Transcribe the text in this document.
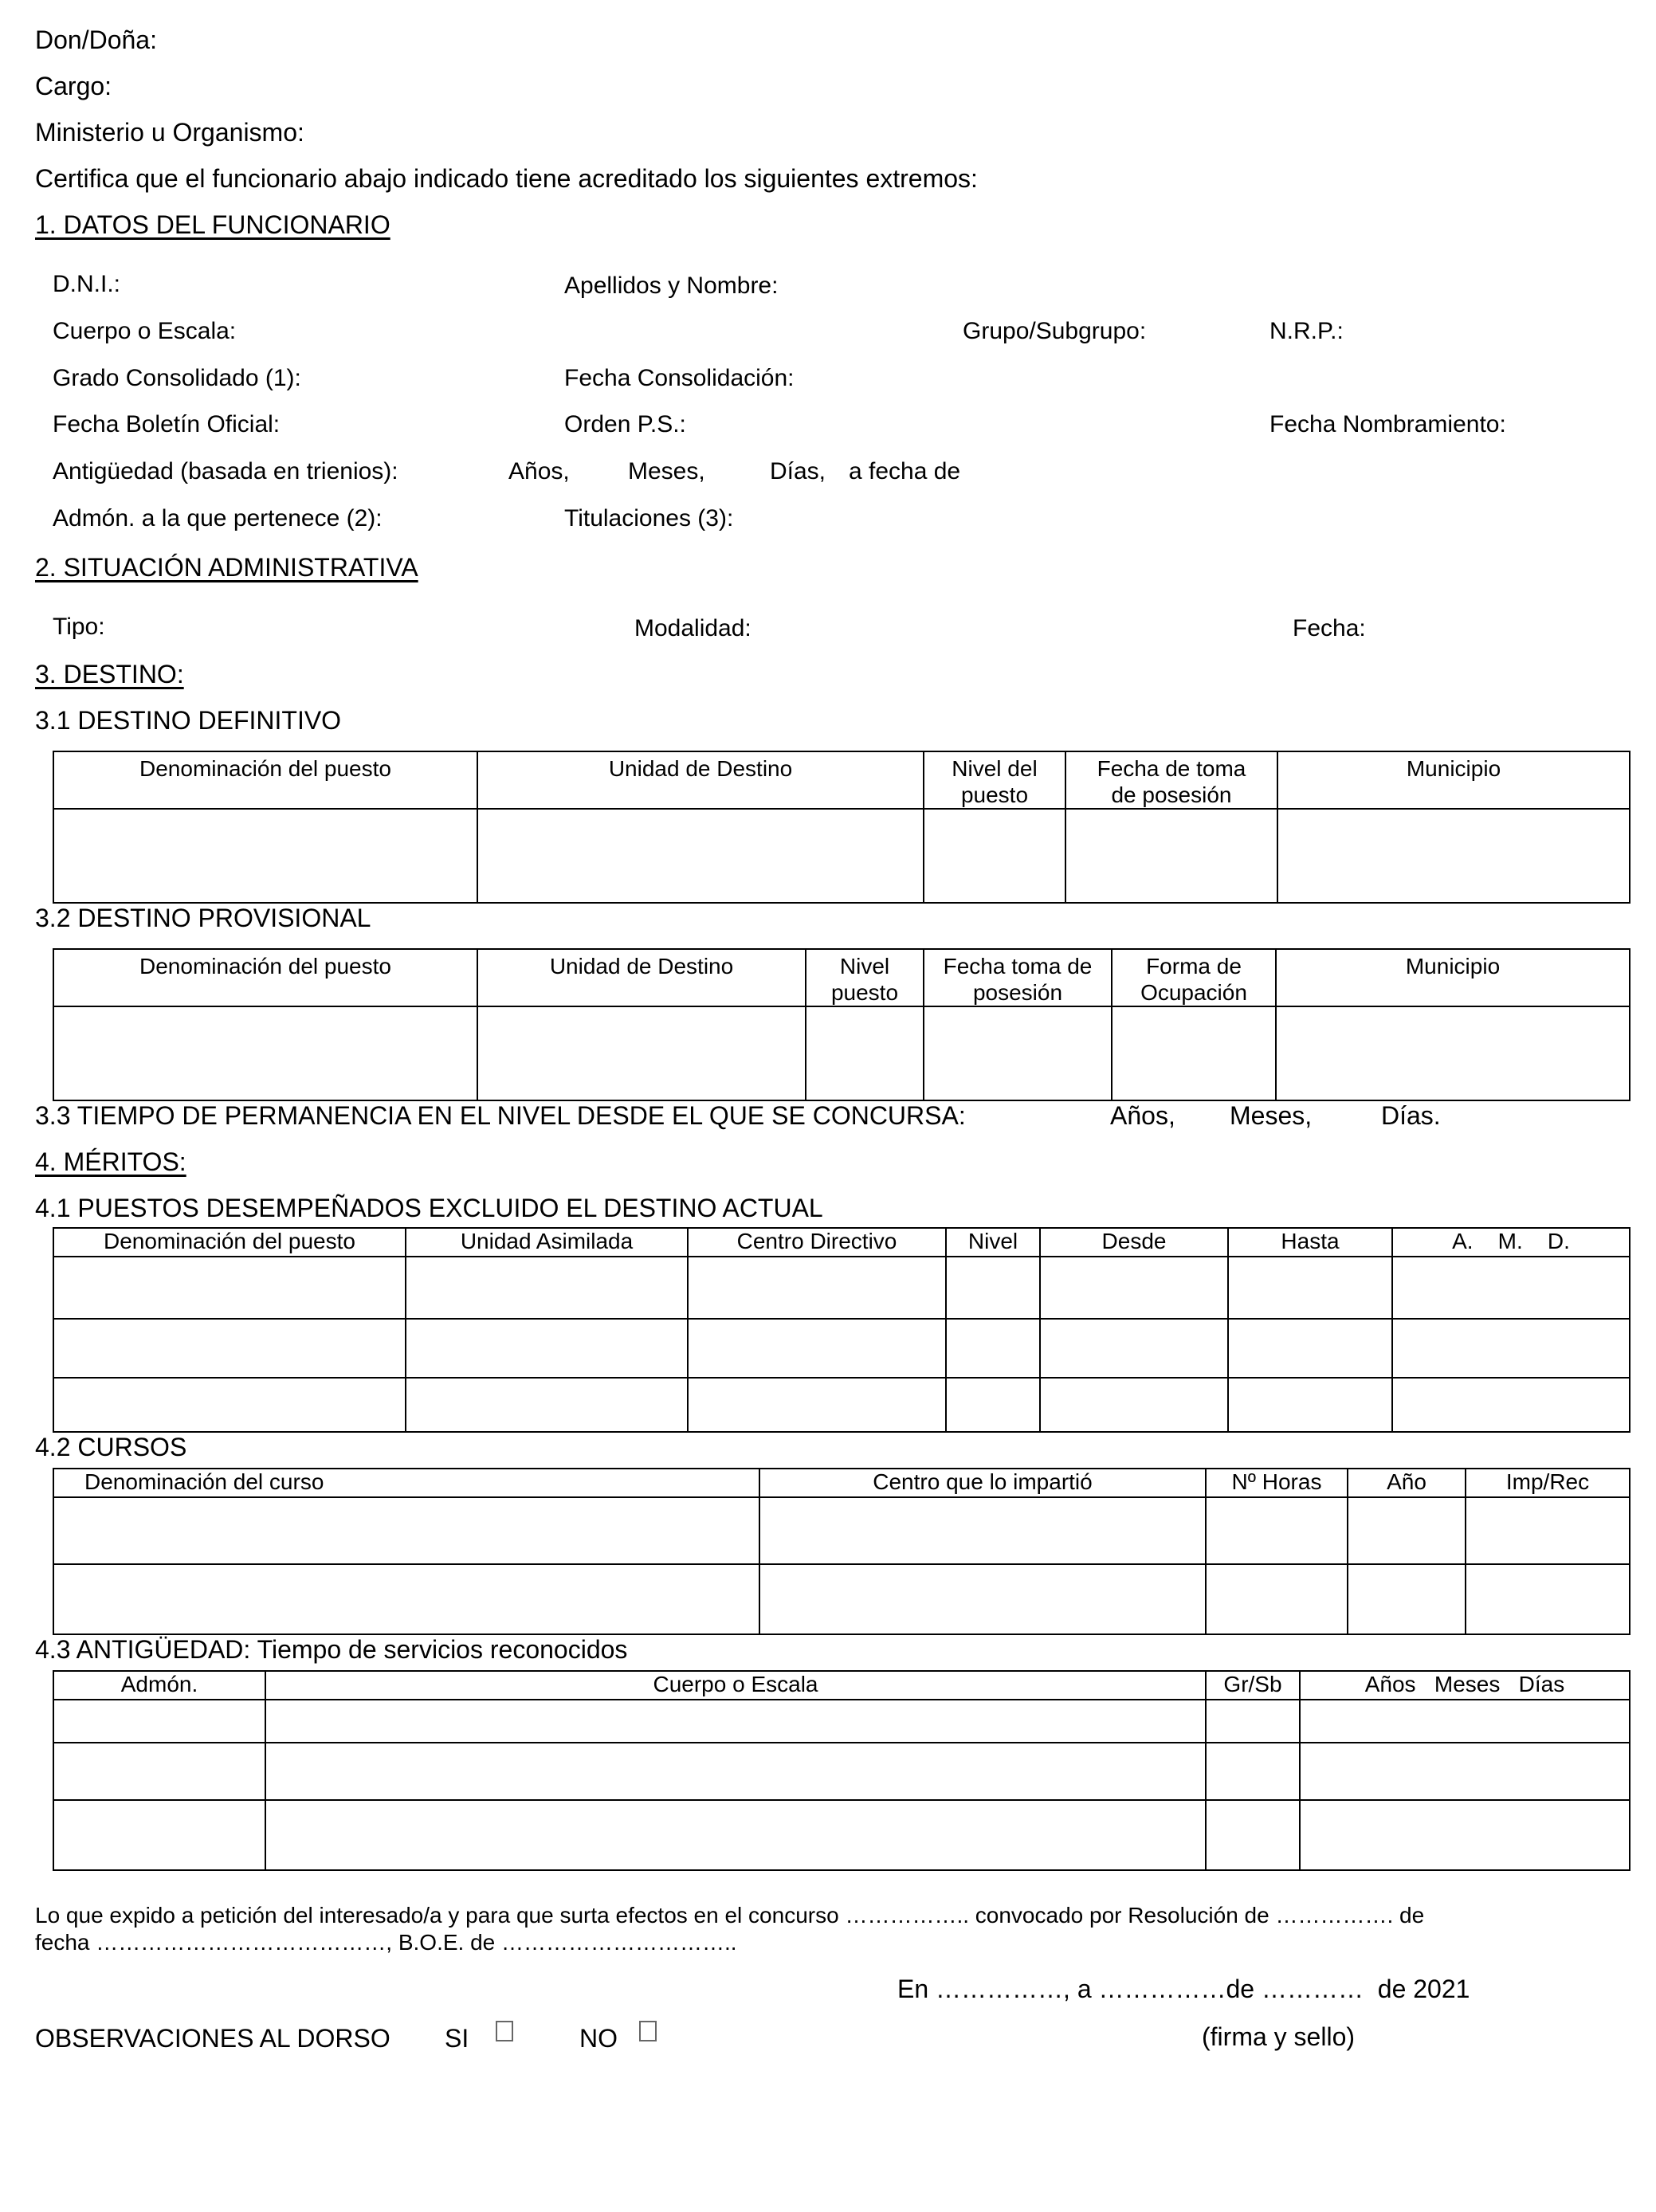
Don/Doña:
Cargo:
Ministerio u Organismo:
Certifica que el funcionario abajo indicado tiene acreditado los siguientes extremos:
1. DATOS DEL FUNCIONARIO
D.N.I.:	Apellidos y Nombre:
Cuerpo o Escala:	Grupo/Subgrupo:	N.R.P.:
Grado Consolidado (1):	Fecha Consolidación:
Fecha Boletín Oficial:	Orden P.S.:	Fecha Nombramiento:
Antigüedad (basada en trienios):	Años, Meses,	Días, a fecha de
Admón. a la que pertenece (2):	Titulaciones (3):
2. SITUACIÓN ADMINISTRATIVA
Tipo:	Modalidad:	Fecha:
3. DESTINO:
3.1 DESTINO DEFINITIVO
Denominación del puesto	Unidad de Destino	Nivel del puesto	Fecha de toma de posesión	Municipio

3.2 DESTINO PROVISIONAL
Denominación del puesto	Unidad de Destino	Nivel puesto	Fecha toma de posesión	Forma de Ocupación	Municipio

3.3 TIEMPO DE PERMANENCIA EN EL NIVEL DESDE EL QUE SE CONCURSA:	Años, Meses,	Días.
4. MÉRITOS:
4.1 PUESTOS DESEMPEÑADOS EXCLUIDO EL DESTINO ACTUAL
Denominación del puesto	Unidad Asimilada	Centro Directivo	Nivel	Desde	Hasta	A.    M.    D.

4.2 CURSOS
Denominación del curso	Centro que lo impartió	Nº Horas	Año	Imp/Rec

4.3 ANTIGÜEDAD: Tiempo de servicios reconocidos
Admón.	Cuerpo o Escala	Gr/Sb	Años   Meses   Días

Lo que expido a petición del interesado/a y para que surta efectos en el concurso …………….. convocado por Resolución de ……………. de
fecha …………………………………, B.O.E. de …………………………..
En ……………, a ……………de …………  de 2021
OBSERVACIONES AL DORSO SI	NO	(firma y sello)
